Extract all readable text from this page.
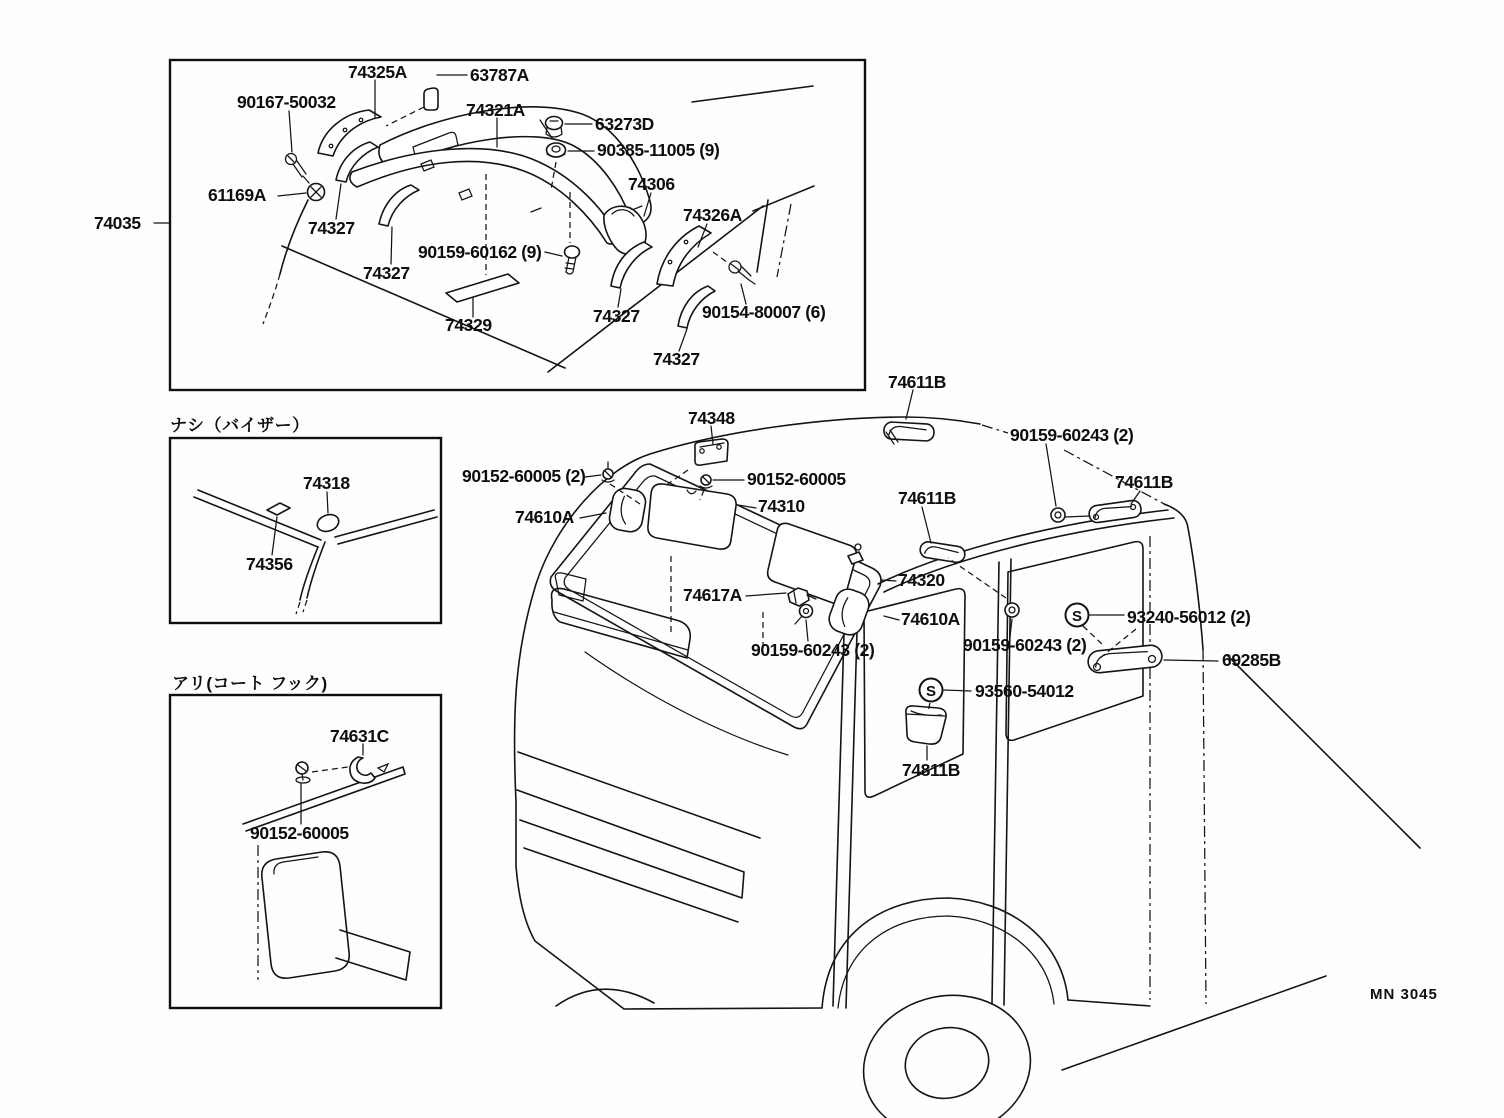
74325A	63787A
90167-50032	74321A
63273D
90385-11005 (9)
74306
74326A
61169A
74327
74327
90159-60162 (9)
74329	74327	90154-80007 (6)
74327
74035
ナシ（バイザー）
74318
74356
アリ(コート フック)
74631C
90152-60005
S
S
74611B
74348
90159-60243 (2)
74611B
90152-60005 (2)	90152-60005
74310
74610A
74611B
74320
74617A
74610A
90159-60243 (2)	90159-60243 (2)
93240-56012 (2)
69285B
93560-54012
74811B
MN 3045
